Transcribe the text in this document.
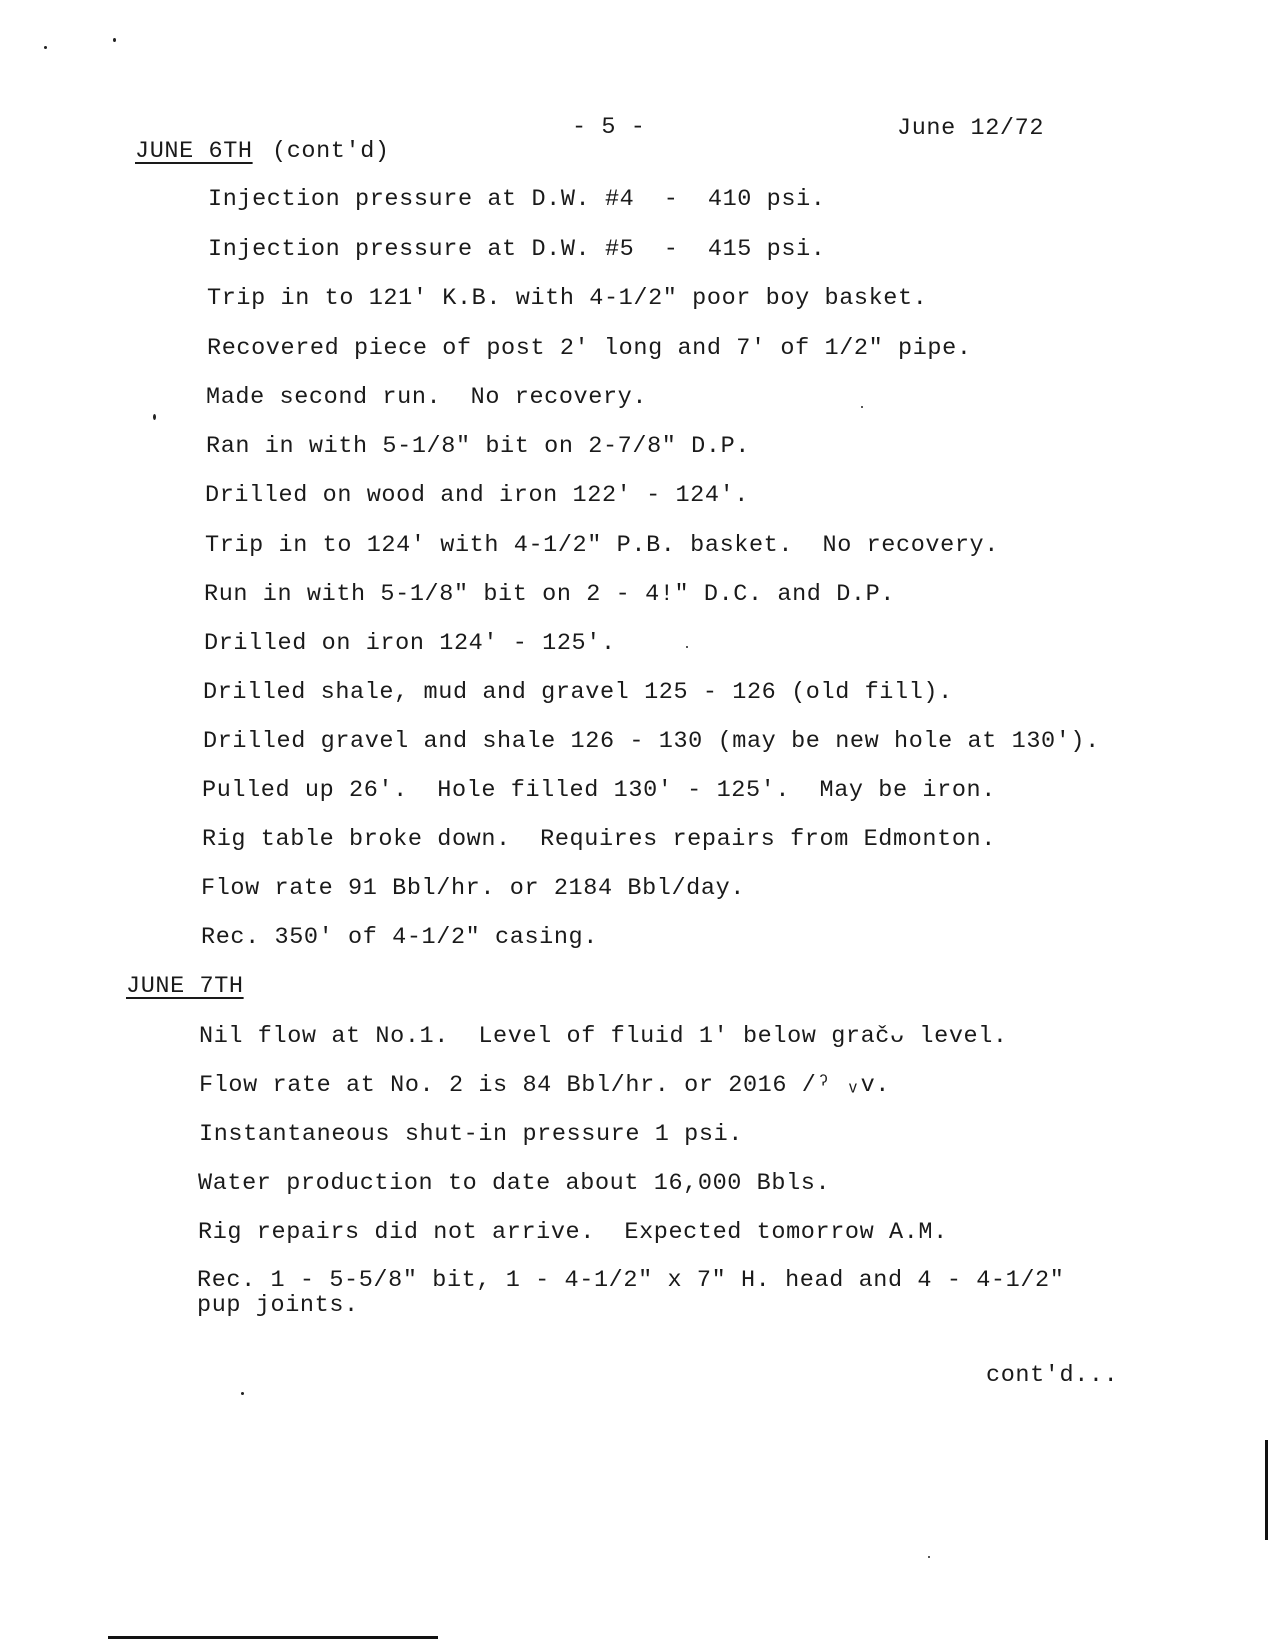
- 5 -	June 12/72
JUNE 6TH (cont'd)
Injection pressure at D.W. #4  -  410 psi.
Injection pressure at D.W. #5  -  415 psi.
Trip in to 121' K.B. with 4-1/2" poor boy basket.
Recovered piece of post 2' long and 7' of 1/2" pipe.
Made second run.  No recovery.
Ran in with 5-1/8" bit on 2-7/8" D.P.
Drilled on wood and iron 122' - 124'.
Trip in to 124' with 4-1/2" P.B. basket.  No recovery.
Run in with 5-1/8" bit on 2 - 4!" D.C. and D.P.
Drilled on iron 124' - 125'.
Drilled shale, mud and gravel 125 - 126 (old fill).
Drilled gravel and shale 126 - 130 (may be new hole at 130').
Pulled up 26'.  Hole filled 130' - 125'.  May be iron.
Rig table broke down.  Requires repairs from Edmonton.
Flow rate 91 Bbl/hr. or 2184 Bbl/day.
Rec. 350' of 4-1/2" casing.
JUNE 7TH
Nil flow at No.1.  Level of fluid 1' below gračᴗ level.
Flow rate at No. 2 is 84 Bbl/hr. or 2016 /ˀ ᵥv.
Instantaneous shut-in pressure 1 psi.
Water production to date about 16,000 Bbls.
Rig repairs did not arrive.  Expected tomorrow A.M.
Rec. 1 - 5-5/8" bit, 1 - 4-1/2" x 7" H. head and 4 - 4-1/2"
pup joints.
cont'd...
